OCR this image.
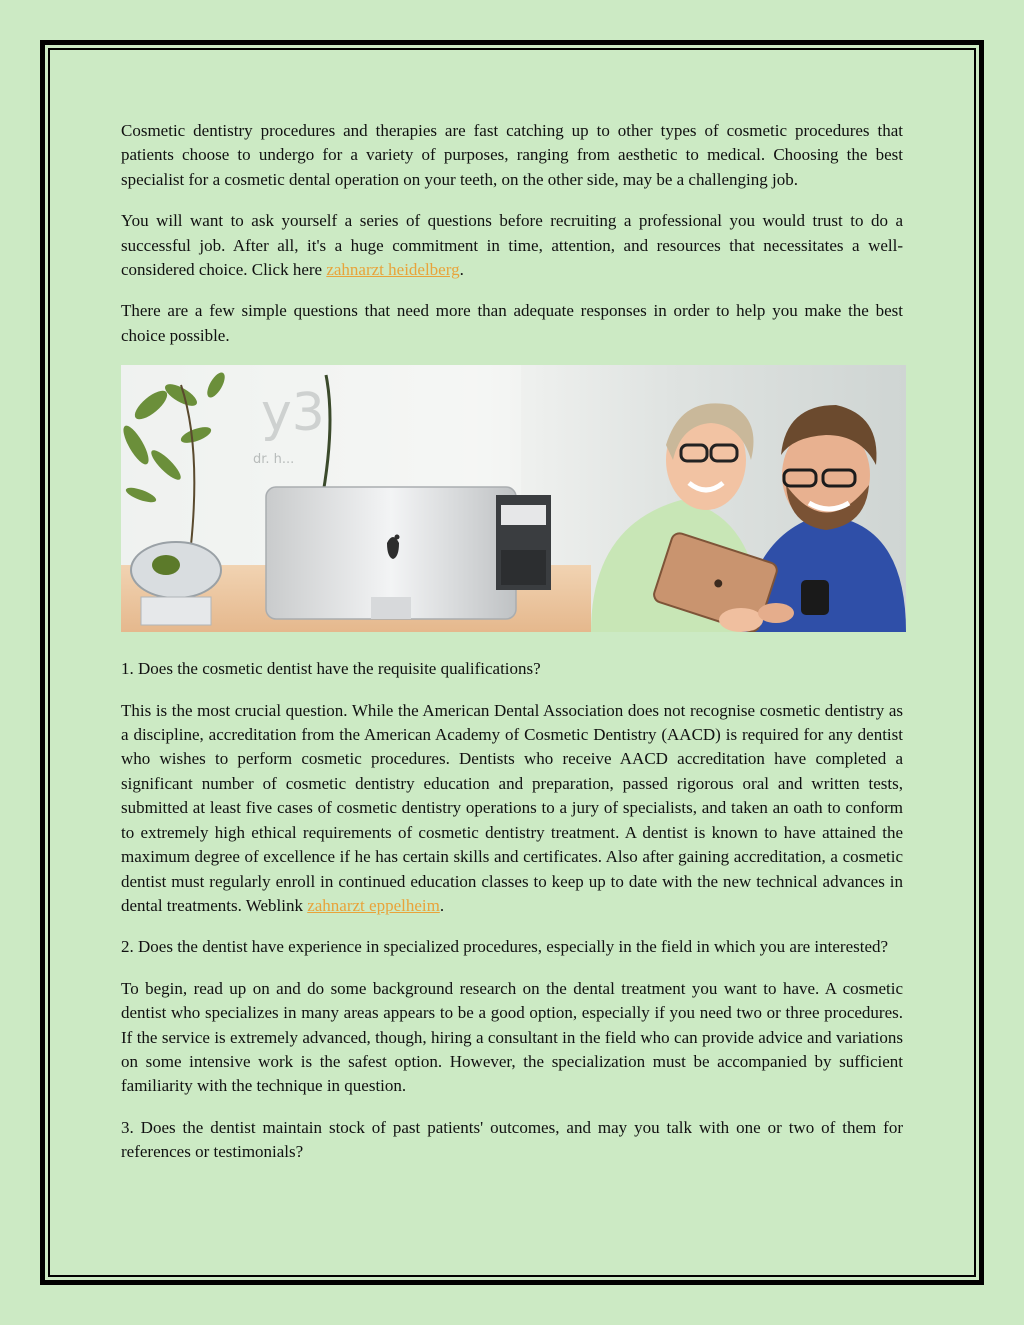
Cosmetic dentistry procedures and therapies are fast catching up to other types of cosmetic procedures that patients choose to undergo for a variety of purposes, ranging from aesthetic to medical. Choosing the best specialist for a cosmetic dental operation on your teeth, on the other side, may be a challenging job.

You will want to ask yourself a series of questions before recruiting a professional you would trust to do a successful job. After all, it's a huge commitment in time, attention, and resources that necessitates a well-considered choice. Click here zahnarzt heidelberg.

There are a few simple questions that need more than adequate responses in order to help you make the best choice possible.

y3
dr. h...

1. Does the cosmetic dentist have the requisite qualifications?

This is the most crucial question. While the American Dental Association does not recognise cosmetic dentistry as a discipline, accreditation from the American Academy of Cosmetic Dentistry (AACD) is required for any dentist who wishes to perform cosmetic procedures. Dentists who receive AACD accreditation have completed a significant number of cosmetic dentistry education and preparation, passed rigorous oral and written tests, submitted at least five cases of cosmetic dentistry operations to a jury of specialists, and taken an oath to conform to extremely high ethical requirements of cosmetic dentistry treatment. A dentist is known to have attained the maximum degree of excellence if he has certain skills and certificates. Also after gaining accreditation, a cosmetic dentist must regularly enroll in continued education classes to keep up to date with the new technical advances in dental treatments. Weblink zahnarzt eppelheim.

2. Does the dentist have experience in specialized procedures, especially in the field in which you are interested?

To begin, read up on and do some background research on the dental treatment you want to have. A cosmetic dentist who specializes in many areas appears to be a good option, especially if you need two or three procedures. If the service is extremely advanced, though, hiring a consultant in the field who can provide advice and variations on some intensive work is the safest option. However, the specialization must be accompanied by sufficient familiarity with the technique in question.

3. Does the dentist maintain stock of past patients' outcomes, and may you talk with one or two of them for references or testimonials?
